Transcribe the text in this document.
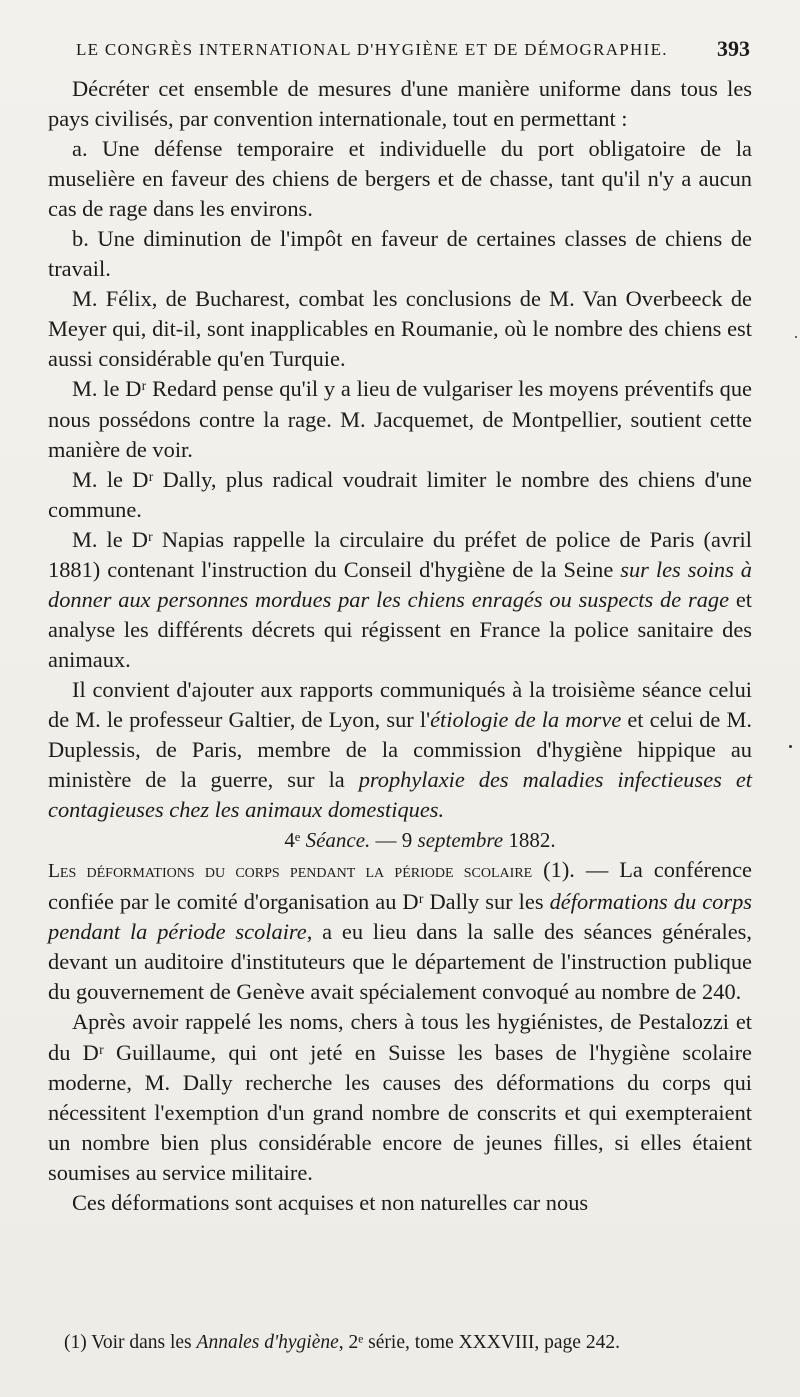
LE CONGRÈS INTERNATIONAL D'HYGIÈNE ET DE DÉMOGRAPHIE. 393

Décréter cet ensemble de mesures d'une manière uniforme dans tous les pays civilisés, par convention internationale, tout en permettant :

a. Une défense temporaire et individuelle du port obligatoire de la muselière en faveur des chiens de bergers et de chasse, tant qu'il n'y a aucun cas de rage dans les environs.

b. Une diminution de l'impôt en faveur de certaines classes de chiens de travail.

M. Félix, de Bucharest, combat les conclusions de M. Van Overbeeck de Meyer qui, dit-il, sont inapplicables en Roumanie, où le nombre des chiens est aussi considérable qu'en Turquie.

M. le Dʳ Redard pense qu'il y a lieu de vulgariser les moyens préventifs que nous possédons contre la rage. M. Jacquemet, de Montpellier, soutient cette manière de voir.

M. le Dʳ Dally, plus radical voudrait limiter le nombre des chiens d'une commune.

M. le Dʳ Napias rappelle la circulaire du préfet de police de Paris (avril 1881) contenant l'instruction du Conseil d'hygiène de la Seine sur les soins à donner aux personnes mordues par les chiens enragés ou suspects de rage et analyse les différents décrets qui régissent en France la police sanitaire des animaux.

Il convient d'ajouter aux rapports communiqués à la troisième séance celui de M. le professeur Galtier, de Lyon, sur l'étiologie de la morve et celui de M. Duplessis, de Paris, membre de la commission d'hygiène hippique au ministère de la guerre, sur la prophylaxie des maladies infectieuses et contagieuses chez les animaux domestiques.

4ᵉ Séance. — 9 septembre 1882.

Les déformations du corps pendant la période scolaire (1). — La conférence confiée par le comité d'organisation au Dʳ Dally sur les déformations du corps pendant la période scolaire, a eu lieu dans la salle des séances générales, devant un auditoire d'instituteurs que le département de l'instruction publique du gouvernement de Genève avait spécialement convoqué au nombre de 240.

Après avoir rappelé les noms, chers à tous les hygiénistes, de Pestalozzi et du Dʳ Guillaume, qui ont jeté en Suisse les bases de l'hygiène scolaire moderne, M. Dally recherche les causes des déformations du corps qui nécessitent l'exemption d'un grand nombre de conscrits et qui exempteraient un nombre bien plus considérable encore de jeunes filles, si elles étaient soumises au service militaire.

Ces déformations sont acquises et non naturelles car nous

(1) Voir dans les Annales d'hygiène, 2ᵉ série, tome XXXVIII, page 242.
